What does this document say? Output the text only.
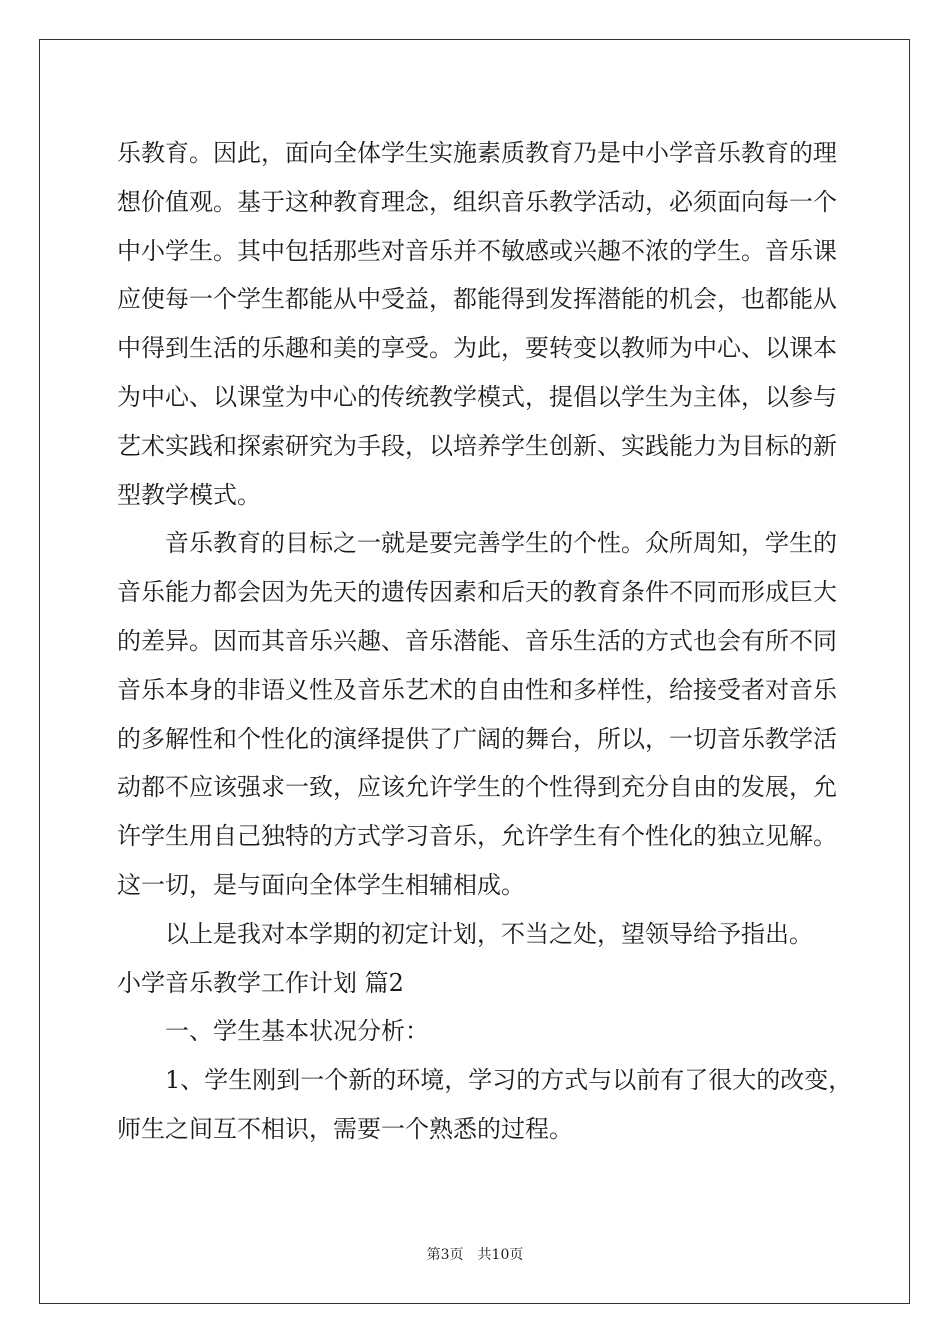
乐教育。因此，面向全体学生实施素质教育乃是中小学音乐教育的理
想价值观。基于这种教育理念，组织音乐教学活动，必须面向每一个
中小学生。其中包括那些对音乐并不敏感或兴趣不浓的学生。音乐课
应使每一个学生都能从中受益，都能得到发挥潜能的机会，也都能从
中得到生活的乐趣和美的享受。为此，要转变以教师为中心、以课本
为中心、以课堂为中心的传统教学模式，提倡以学生为主体，以参与
艺术实践和探索研究为手段，以培养学生创新、实践能力为目标的新
型教学模式。
音乐教育的目标之一就是要完善学生的个性。众所周知，学生的
音乐能力都会因为先天的遗传因素和后天的教育条件不同而形成巨大
的差异。因而其音乐兴趣、音乐潜能、音乐生活的方式也会有所不同
音乐本身的非语义性及音乐艺术的自由性和多样性，给接受者对音乐
的多解性和个性化的演绎提供了广阔的舞台，所以，一切音乐教学活
动都不应该强求一致，应该允许学生的个性得到充分自由的发展，允
许学生用自己独特的方式学习音乐，允许学生有个性化的独立见解。
这一切，是与面向全体学生相辅相成。
以上是我对本学期的初定计划，不当之处，望领导给予指出。
小学音乐教学工作计划 篇2
一、学生基本状况分析：
1、学生刚到一个新的环境，学习的方式与以前有了很大的改变，
师生之间互不相识，需要一个熟悉的过程。
第3页　共10页
